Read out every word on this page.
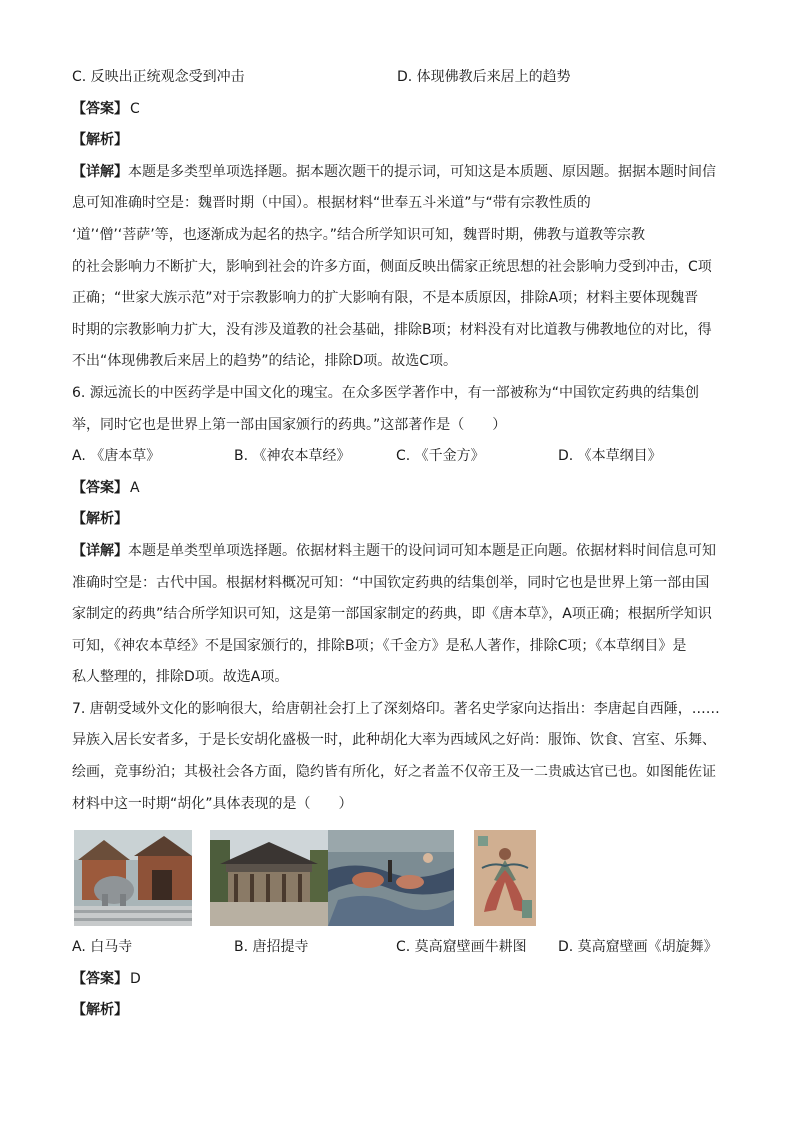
C. 反映出正统观念受到冲击	D. 体现佛教后来居上的趋势
【答案】 C
【解析】
【详解】本题是多类型单项选择题。据本题次题干的提示词，可知这是本质题、原因题。据据本题时间信
息可知准确时空是：魏晋时期（中国）。根据材料“世奉五斗米道”与“带有宗教性质的
‘道’‘僧’‘菩萨’等，也逐渐成为起名的热字。”结合所学知识可知，魏晋时期，佛教与道教等宗教
的社会影响力不断扩大，影响到社会的许多方面，侧面反映出儒家正统思想的社会影响力受到冲击，C项
正确；“世家大族示范”对于宗教影响力的扩大影响有限，不是本质原因，排除A项；材料主要体现魏晋
时期的宗教影响力扩大，没有涉及道教的社会基础，排除B项；材料没有对比道教与佛教地位的对比，得
不出“体现佛教后来居上的趋势”的结论，排除D项。故选C项。
6. 源远流长的中医药学是中国文化的瑰宝。在众多医学著作中，有一部被称为“中国钦定药典的结集创
举，同时它也是世界上第一部由国家颁行的药典。”这部著作是（　　）
A. 《唐本草》	B. 《神农本草经》	C. 《千金方》	D. 《本草纲目》
【答案】 A
【解析】
【详解】本题是单类型单项选择题。依据材料主题干的设问词可知本题是正向题。依据材料时间信息可知
准确时空是：古代中国。根据材料概况可知：“中国钦定药典的结集创举，同时它也是世界上第一部由国
家制定的药典”结合所学知识可知，这是第一部国家制定的药典，即《唐本草》，A项正确；根据所学知识
可知，《神农本草经》不是国家颁行的，排除B项；《千金方》是私人著作，排除C项；《本草纲目》是
私人整理的，排除D项。故选A项。
7. 唐朝受域外文化的影响很大，给唐朝社会打上了深刻烙印。著名史学家向达指出：李唐起自西陲，……
异族入居长安者多，于是长安胡化盛极一时，此种胡化大率为西域风之好尚：服饰、饮食、宫室、乐舞、
绘画，竞事纷泊；其极社会各方面，隐约皆有所化，好之者盖不仅帝王及一二贵戚达官已也。如图能佐证
材料中这一时期“胡化”具体表现的是（　　）
A. 白马寺	B. 唐招提寺	C. 莫高窟壁画牛耕图	D. 莫高窟壁画《胡旋舞》
【答案】 D
【解析】
